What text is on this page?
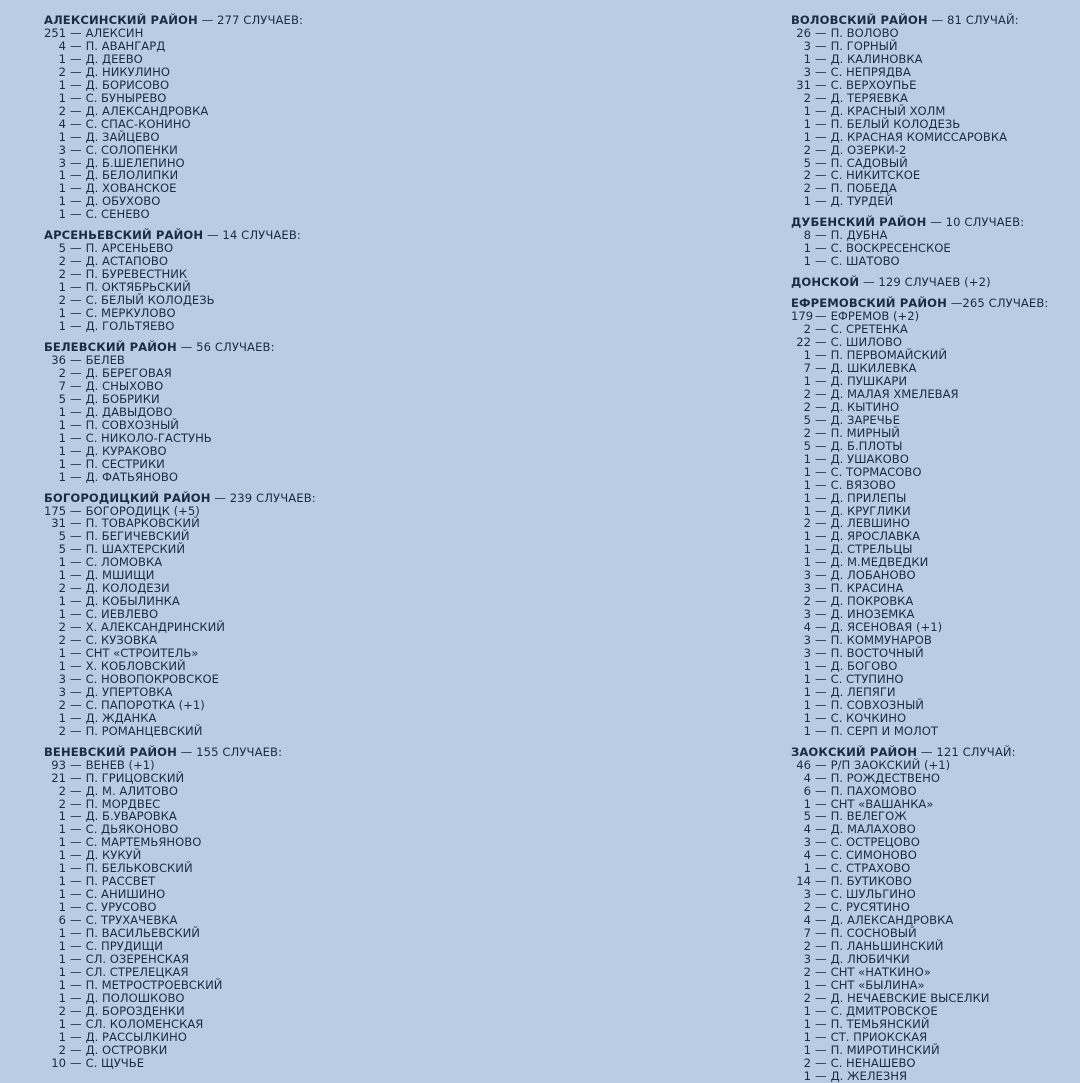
АЛЕКСИНСКИЙ РАЙОН — 277 СЛУЧАЕВ:
251 — АЛЕКСИН
4 — П. АВАНГАРД
1 — Д. ДЕЕВО
2 — Д. НИКУЛИНО
1 — Д. БОРИСОВО
1 — С. БУНЫРЕВО
2 — Д. АЛЕКСАНДРОВКА
4 — С. СПАС-КОНИНО
1 — Д. ЗАЙЦЕВО
3 — С. СОЛОПЕНКИ
3 — Д. Б.ШЕЛЕПИНО
1 — Д. БЕЛОЛИПКИ
1 — Д. ХОВАНСКОЕ
1 — Д. ОБУХОВО
1 — С. СЕНЕВО
АРСЕНЬЕВСКИЙ РАЙОН — 14 СЛУЧАЕВ:
5 — П. АРСЕНЬЕВО
2 — Д. АСТАПОВО
2 — П. БУРЕВЕСТНИК
1 — П. ОКТЯБРЬСКИЙ
2 — С. БЕЛЫЙ КОЛОДЕЗЬ
1 — С. МЕРКУЛОВО
1 — Д. ГОЛЬТЯЕВО
БЕЛЕВСКИЙ РАЙОН — 56 СЛУЧАЕВ:
36 — БЕЛЕВ
2 — Д. БЕРЕГОВАЯ
7 — Д. СНЫХОВО
5 — Д. БОБРИКИ
1 — Д. ДАВЫДОВО
1 — П. СОВХОЗНЫЙ
1 — С. НИКОЛО-ГАСТУНЬ
1 — Д. КУРАКОВО
1 — П. СЕСТРИКИ
1 — Д. ФАТЬЯНОВО
БОГОРОДИЦКИЙ РАЙОН — 239 СЛУЧАЕВ:
175 — БОГОРОДИЦК (+5)
31 — П. ТОВАРКОВСКИЙ
5 — П. БЕГИЧЕВСКИЙ
5 — П. ШАХТЕРСКИЙ
1 — С. ЛОМОВКА
1 — Д. МШИЩИ
2 — Д. КОЛОДЕЗИ
1 — Д. КОБЫЛИНКА
1 — С. ИЕВЛЕВО
2 — Х. АЛЕКСАНДРИНСКИЙ
2 — С. КУЗОВКА
1 — СНТ «СТРОИТЕЛЬ»
1 — Х. КОБЛОВСКИЙ
3 — С. НОВОПОКРОВСКОЕ
3 — Д. УПЕРТОВКА
2 — С. ПАПОРОТКА (+1)
1 — Д. ЖДАНКА
2 — П. РОМАНЦЕВСКИЙ
ВЕНЕВСКИЙ РАЙОН — 155 СЛУЧАЕВ:
93 — ВЕНЕВ (+1)
21 — П. ГРИЦОВСКИЙ
2 — Д. М. АЛИТОВО
2 — П. МОРДВЕС
1 — Д. Б.УВАРОВКА
1 — С. ДЬЯКОНОВО
1 — С. МАРТЕМЬЯНОВО
1 — Д. КУКУЙ
1 — П. БЕЛЬКОВСКИЙ
1 — П. РАССВЕТ
1 — С. АНИШИНО
1 — С. УРУСОВО
6 — С. ТРУХАЧЕВКА
1 — П. ВАСИЛЬЕВСКИЙ
1 — С. ПРУДИЩИ
1 — СЛ. ОЗЕРЕНСКАЯ
1 — СЛ. СТРЕЛЕЦКАЯ
1 — П. МЕТРОСТРОЕВСКИЙ
1 — Д. ПОЛОШКОВО
2 — Д. БОРОЗДЕНКИ
1 — СЛ. КОЛОМЕНСКАЯ
1 — Д. РАССЫЛКИНО
2 — Д. ОСТРОВКИ
10 — С. ЩУЧЬЕ
ВОЛОВСКИЙ РАЙОН — 81 СЛУЧАЙ:
26 — П. ВОЛОВО
3 — П. ГОРНЫЙ
1 — Д. КАЛИНОВКА
3 — С. НЕПРЯДВА
31 — С. ВЕРХОУПЬЕ
2 — Д. ТЕРЯЕВКА
1 — Д. КРАСНЫЙ ХОЛМ
1 — П. БЕЛЫЙ КОЛОДЕЗЬ
1 — Д. КРАСНАЯ КОМИССАРОВКА
2 — Д. ОЗЕРКИ-2
5 — П. САДОВЫЙ
2 — С. НИКИТСКОЕ
2 — П. ПОБЕДА
1 — Д. ТУРДЕЙ
ДУБЕНСКИЙ РАЙОН — 10 СЛУЧАЕВ:
8 — П. ДУБНА
1 — С. ВОСКРЕСЕНСКОЕ
1 — С. ШАТОВО
ДОНСКОЙ — 129 СЛУЧАЕВ (+2)
ЕФРЕМОВСКИЙ РАЙОН —265 СЛУЧАЕВ:
179 — ЕФРЕМОВ (+2)
2 — С. СРЕТЕНКА
22 — С. ШИЛОВО
1 — П. ПЕРВОМАЙСКИЙ
7 — Д. ШКИЛЕВКА
1 — Д. ПУШКАРИ
2 — Д. МАЛАЯ ХМЕЛЕВАЯ
2 — Д. КЫТИНО
5 — Д. ЗАРЕЧЬЕ
2 — П. МИРНЫЙ
5 — Д. Б.ПЛОТЫ
1 — Д. УШАКОВО
1 — С. ТОРМАСОВО
1 — С. ВЯЗОВО
1 — Д. ПРИЛЕПЫ
1 — Д. КРУГЛИКИ
2 — Д. ЛЕВШИНО
1 — Д. ЯРОСЛАВКА
1 — Д. СТРЕЛЬЦЫ
1 — Д. М.МЕДВЕДКИ
3 — Д. ЛОБАНОВО
3 — П. КРАСИНА
2 — Д. ПОКРОВКА
3 — Д. ИНОЗЕМКА
4 — Д. ЯСЕНОВАЯ (+1)
3 — П. КОММУНАРОВ
3 — П. ВОСТОЧНЫЙ
1 — Д. БОГОВО
1 — С. СТУПИНО
1 — Д. ЛЕПЯГИ
1 — П. СОВХОЗНЫЙ
1 — С. КОЧКИНО
1 — П. СЕРП И МОЛОТ
ЗАОКСКИЙ РАЙОН — 121 СЛУЧАЙ:
46 — Р/П ЗАОКСКИЙ (+1)
4 — П. РОЖДЕСТВЕНО
6 — П. ПАХОМОВО
1 — СНТ «ВАШАНКА»
5 — П. ВЕЛЕГОЖ
4 — Д. МАЛАХОВО
3 — С. ОСТРЕЦОВО
4 — С. СИМОНОВО
1 — С. СТРАХОВО
14 — П. БУТИКОВО
3 — С. ШУЛЬГИНО
2 — С. РУСЯТИНО
4 — Д. АЛЕКСАНДРОВКА
7 — П. СОСНОВЫЙ
2 — П. ЛАНЬШИНСКИЙ
3 — Д. ЛЮБИЧКИ
2 — СНТ «НАТКИНО»
1 — СНТ «БЫЛИНА»
2 — Д. НЕЧАЕВСКИЕ ВЫСЕЛКИ
1 — С. ДМИТРОВСКОЕ
1 — П. ТЕМЬЯНСКИЙ
1 — СТ. ПРИОКСКАЯ
1 — П. МИРОТИНСКИЙ
2 — С. НЕНАШЕВО
1 — Д. ЖЕЛЕЗНЯ
